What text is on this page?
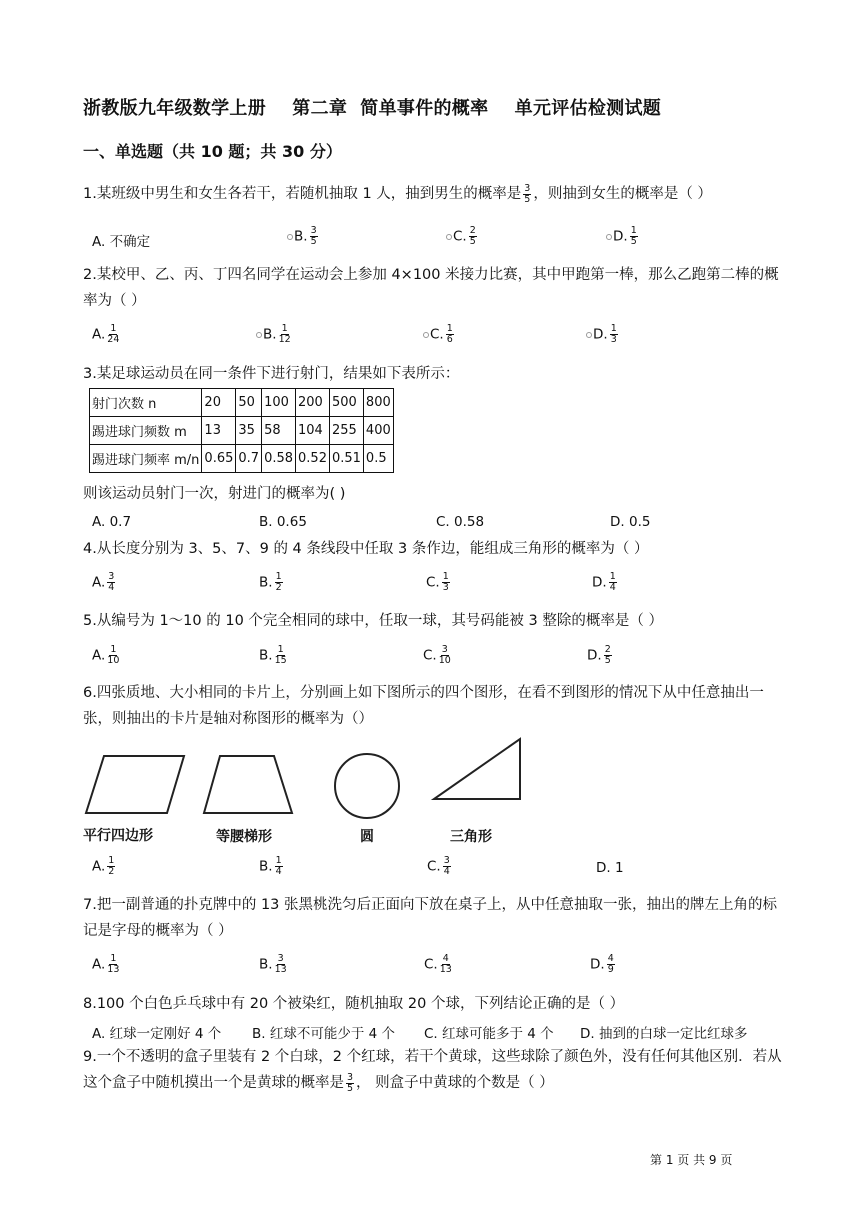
浙教版九年级数学上册    第二章  简单事件的概率    单元评估检测试题
一、单选题（共 10 题；共 30 分）
1.某班级中男生和女生各若干，若随机抽取 1 人，抽到男生的概率是 $\frac{3}{5}$ ，则抽到女生的概率是（ ）
A. 不确定	B. $\frac{3}{5}$	C. $\frac{2}{5}$	D. $\frac{1}{5}$
2.某校甲、乙、丙、丁四名同学在运动会上参加 4×100 米接力比赛，其中甲跑第一棒，那么乙跑第二棒的概率为（ ）
A. $\frac{1}{24}$	B. $\frac{1}{12}$	C. $\frac{1}{6}$	D. $\frac{1}{3}$
3.某足球运动员在同一条件下进行射门，结果如下表所示：
射门次数 n	20	50	100	200	500	800
踢进球门频数 m	13	35	58	104	255	400
踢进球门频率 m/n	0.65	0.7	0.58	0.52	0.51	0.5
则该运动员射门一次，射进门的概率为( )
A. 0.7	B. 0.65	C. 0.58	D. 0.5
4.从长度分别为 3、5、7、9 的 4 条线段中任取 3 条作边，能组成三角形的概率为（ ）
A. $\frac{3}{4}$	B. $\frac{1}{2}$	C. $\frac{1}{3}$	D. $\frac{1}{4}$
5.从编号为 1～10 的 10 个完全相同的球中，任取一球，其号码能被 3 整除的概率是（ ）
A. $\frac{1}{10}$	B. $\frac{1}{15}$	C. $\frac{3}{10}$	D. $\frac{2}{5}$
6.四张质地、大小相同的卡片上，分别画上如下图所示的四个图形，在看不到图形的情况下从中任意抽出一张，则抽出的卡片是轴对称图形的概率为（）
平行四边形	等腰梯形	圆	三角形
A. $\frac{1}{2}$	B. $\frac{1}{4}$	C. $\frac{3}{4}$	D. 1
7.把一副普通的扑克牌中的 13 张黑桃洗匀后正面向下放在桌子上，从中任意抽取一张，抽出的牌左上角的标记是字母的概率为（ ）
A. $\frac{1}{13}$	B. $\frac{3}{13}$	C. $\frac{4}{13}$	D. $\frac{4}{9}$
8.100 个白色乒乓球中有 20 个被染红，随机抽取 20 个球，下列结论正确的是（ ）
A. 红球一定刚好 4 个 B. 红球不可能少于 4 个 C. 红球可能多于 4 个 D. 抽到的白球一定比红球多
9.一个不透明的盒子里装有 2 个白球，2 个红球，若干个黄球，这些球除了颜色外，没有任何其他区别．若从这个盒子中随机摸出一个是黄球的概率是 $\frac{3}{5}$ ， 则盒子中黄球的个数是（ ）
第 1 页 共 9 页
